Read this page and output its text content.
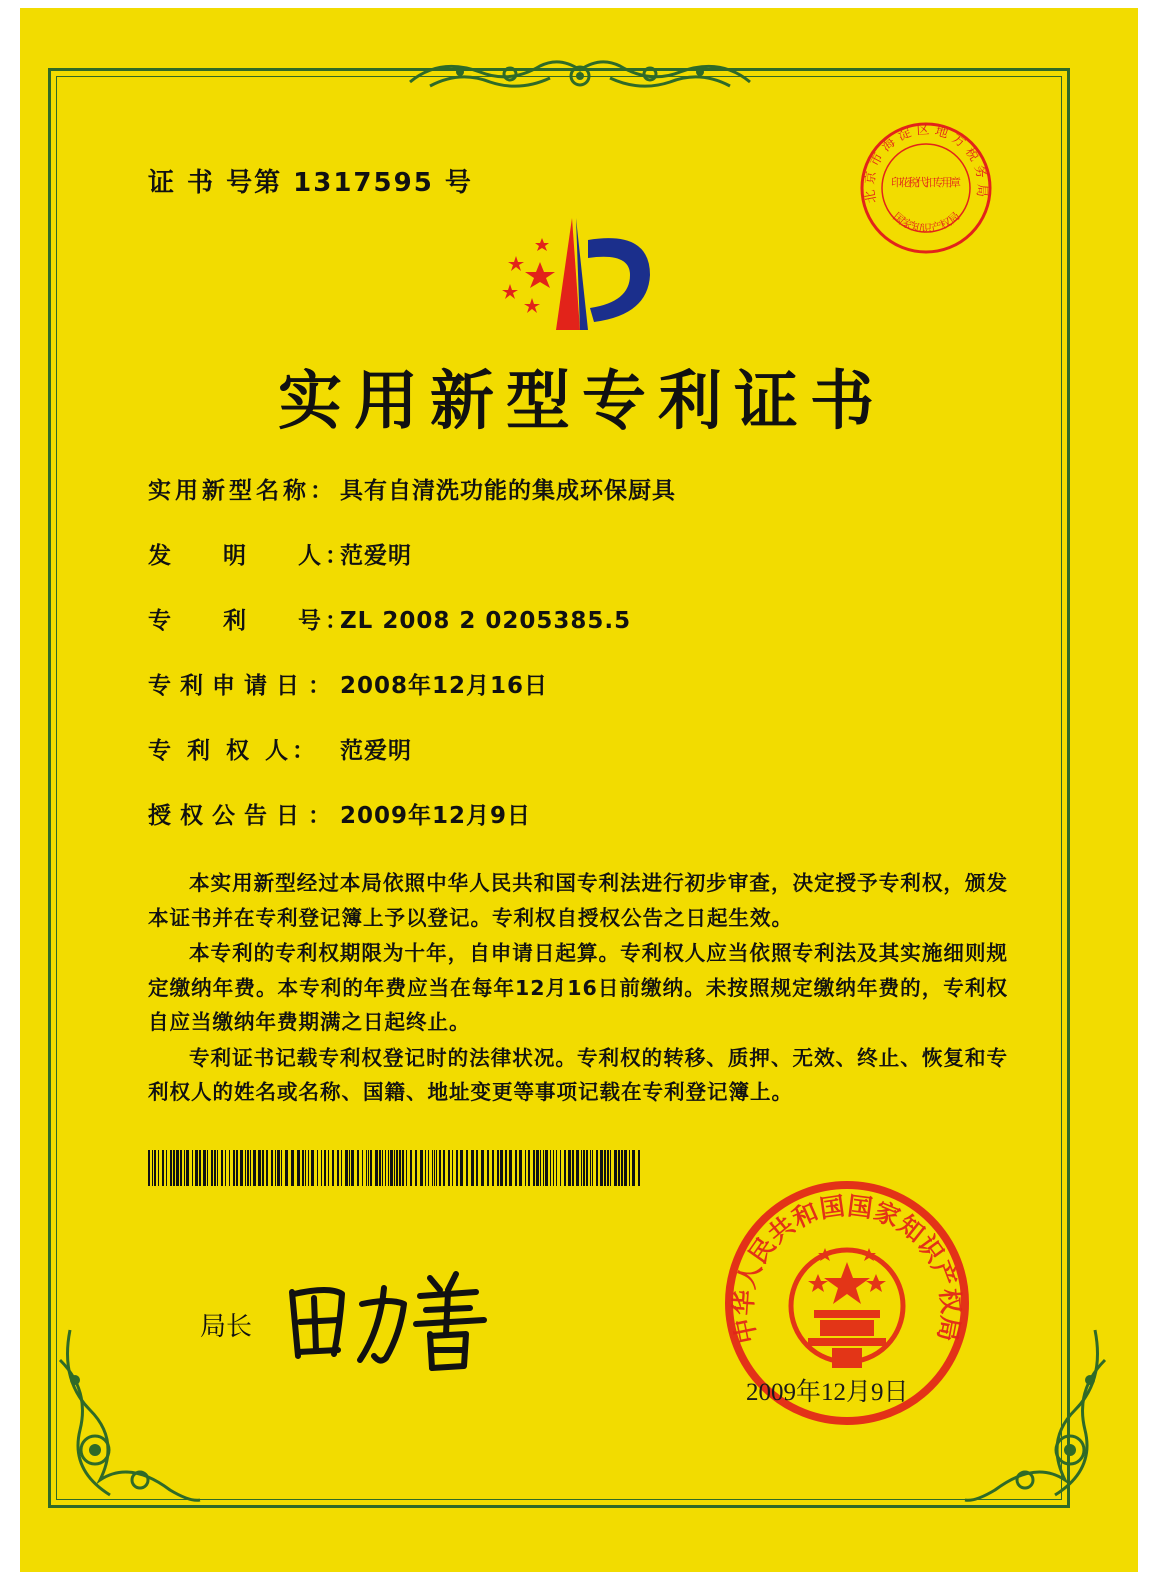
证 书 号第 1317595 号
实用新型专利证书
实用新型名称： 具有自清洗功能的集成环保厨具
发    明    人：范爱明
专    利    号：ZL 2008 2 0205385.5
专利申请日：2008年12月16日
专 利 权 人： 范爱明
授权公告日：2009年12月9日

本实用新型经过本局依照中华人民共和国专利法进行初步审查，决定授予专利权，颁发本证书并在专利登记簿上予以登记。专利权自授权公告之日起生效。

本专利的专利权期限为十年，自申请日起算。专利权人应当依照专利法及其实施细则规定缴纳年费。本专利的年费应当在每年12月16日前缴纳。未按照规定缴纳年费的，专利权自应当缴纳年费期满之日起终止。

专利证书记载专利权登记时的法律状况。专利权的转移、质押、无效、终止、恢复和专利权人的姓名或名称、国籍、地址变更等事项记载在专利登记簿上。

局长	中华人民共和国国家知识产权局
2009年12月9日
北京市海淀区地方税务局
国家知识产权局
印花税代扣专用章
